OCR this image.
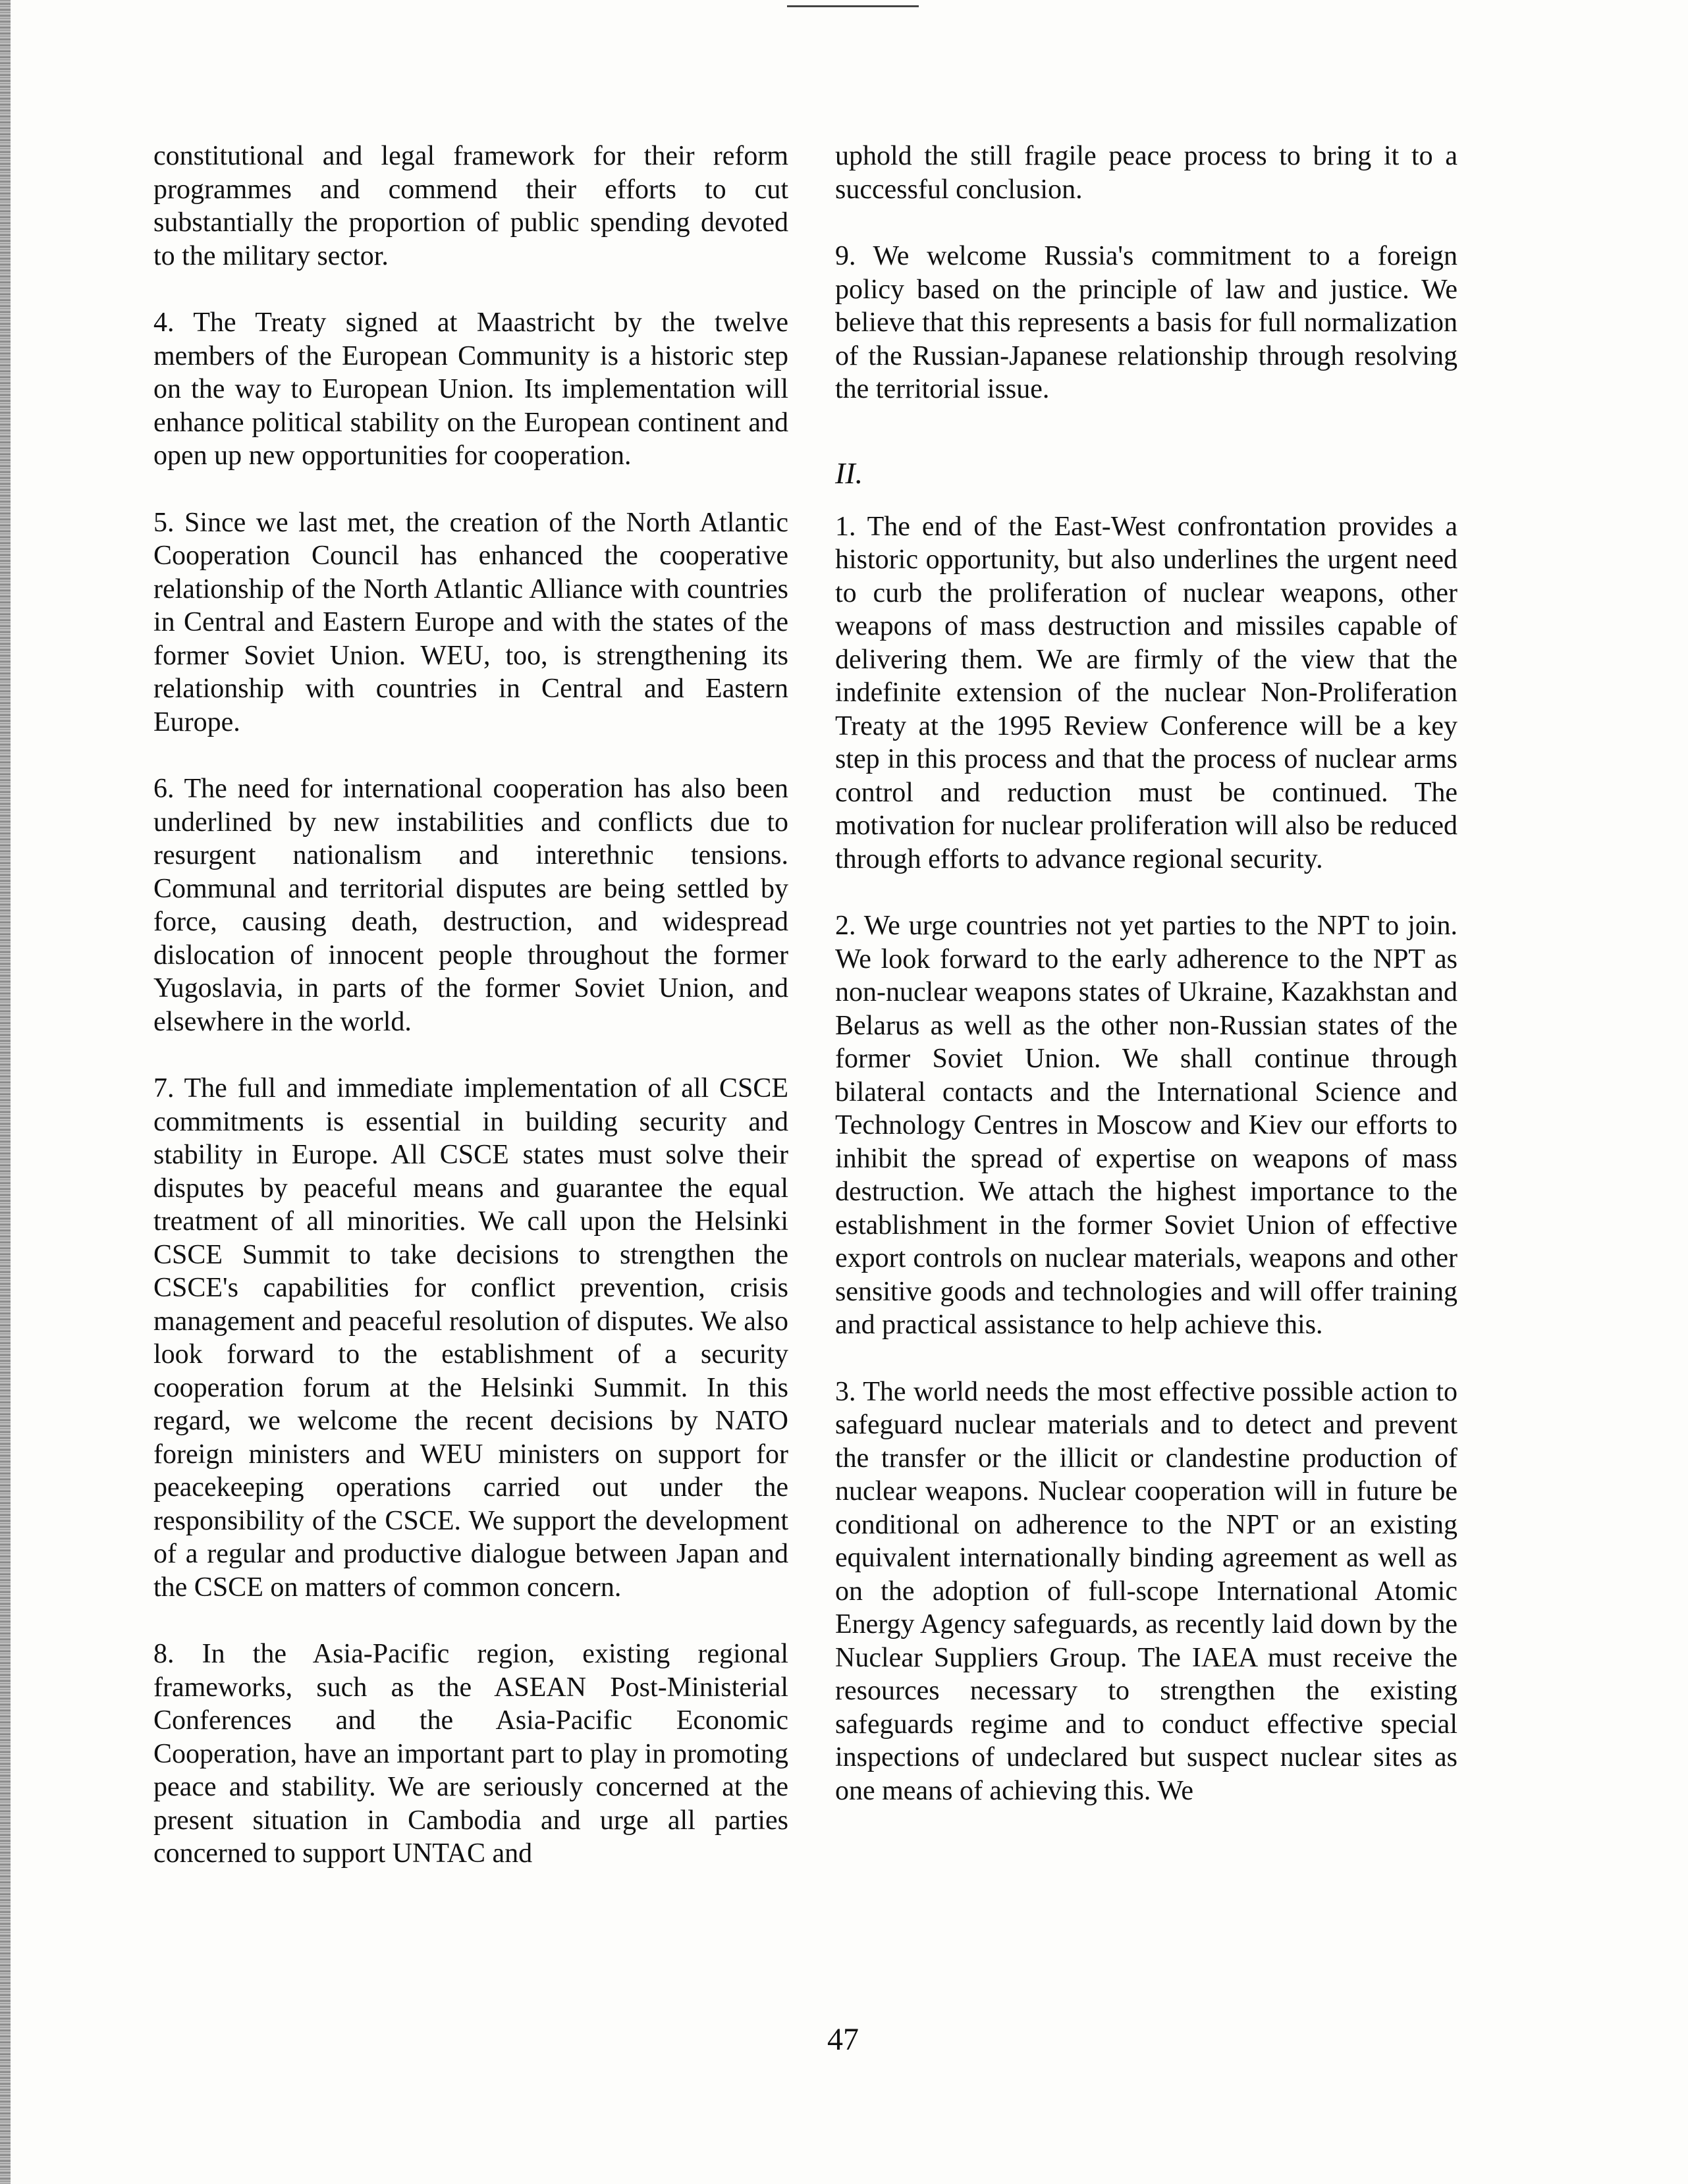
constitutional and legal framework for their reform programmes and commend their efforts to cut substantially the proportion of public spending devoted to the military sector.

4. The Treaty signed at Maastricht by the twelve members of the European Community is a historic step on the way to European Union. Its implementation will enhance political stability on the European continent and open up new opportunities for cooperation.

5. Since we last met, the creation of the North Atlantic Cooperation Council has enhanced the cooperative relationship of the North Atlantic Alliance with countries in Central and Eastern Europe and with the states of the former Soviet Union. WEU, too, is strengthening its relationship with countries in Central and Eastern Europe.

6. The need for international cooperation has also been underlined by new instabilities and conflicts due to resurgent nationalism and interethnic tensions. Communal and territorial disputes are being settled by force, causing death, destruction, and widespread dislocation of innocent people throughout the former Yugoslavia, in parts of the former Soviet Union, and elsewhere in the world.

7. The full and immediate implementation of all CSCE commitments is essential in building security and stability in Europe. All CSCE states must solve their disputes by peaceful means and guarantee the equal treatment of all minorities. We call upon the Helsinki CSCE Summit to take decisions to strengthen the CSCE's capabilities for conflict prevention, crisis management and peaceful resolution of disputes. We also look forward to the establishment of a security cooperation forum at the Helsinki Summit. In this regard, we welcome the recent decisions by NATO foreign ministers and WEU ministers on support for peacekeeping operations carried out under the responsibility of the CSCE. We support the development of a regular and productive dialogue between Japan and the CSCE on matters of common concern.

8. In the Asia-Pacific region, existing regional frameworks, such as the ASEAN Post-Ministerial Conferences and the Asia-Pacific Economic Cooperation, have an important part to play in promoting peace and stability. We are seriously concerned at the present situation in Cambodia and urge all parties concerned to support UNTAC and

uphold the still fragile peace process to bring it to a successful conclusion.

9. We welcome Russia's commitment to a foreign policy based on the principle of law and justice. We believe that this represents a basis for full normalization of the Russian-Japanese relationship through resolving the territorial issue.

II.

1. The end of the East-West confrontation provides a historic opportunity, but also underlines the urgent need to curb the proliferation of nuclear weapons, other weapons of mass destruction and missiles capable of delivering them. We are firmly of the view that the indefinite extension of the nuclear Non-Proliferation Treaty at the 1995 Review Conference will be a key step in this process and that the process of nuclear arms control and reduction must be continued. The motivation for nuclear proliferation will also be reduced through efforts to advance regional security.

2. We urge countries not yet parties to the NPT to join. We look forward to the early adherence to the NPT as non-nuclear weapons states of Ukraine, Kazakhstan and Belarus as well as the other non-Russian states of the former Soviet Union. We shall continue through bilateral contacts and the International Science and Technology Centres in Moscow and Kiev our efforts to inhibit the spread of expertise on weapons of mass destruction. We attach the highest importance to the establishment in the former Soviet Union of effective export controls on nuclear materials, weapons and other sensitive goods and technologies and will offer training and practical assistance to help achieve this.

3. The world needs the most effective possible action to safeguard nuclear materials and to detect and prevent the transfer or the illicit or clandestine production of nuclear weapons. Nuclear cooperation will in future be conditional on adherence to the NPT or an existing equivalent internationally binding agreement as well as on the adoption of full-scope International Atomic Energy Agency safeguards, as recently laid down by the Nuclear Suppliers Group. The IAEA must receive the resources necessary to strengthen the existing safeguards regime and to conduct effective special inspections of undeclared but suspect nuclear sites as one means of achieving this. We

47
